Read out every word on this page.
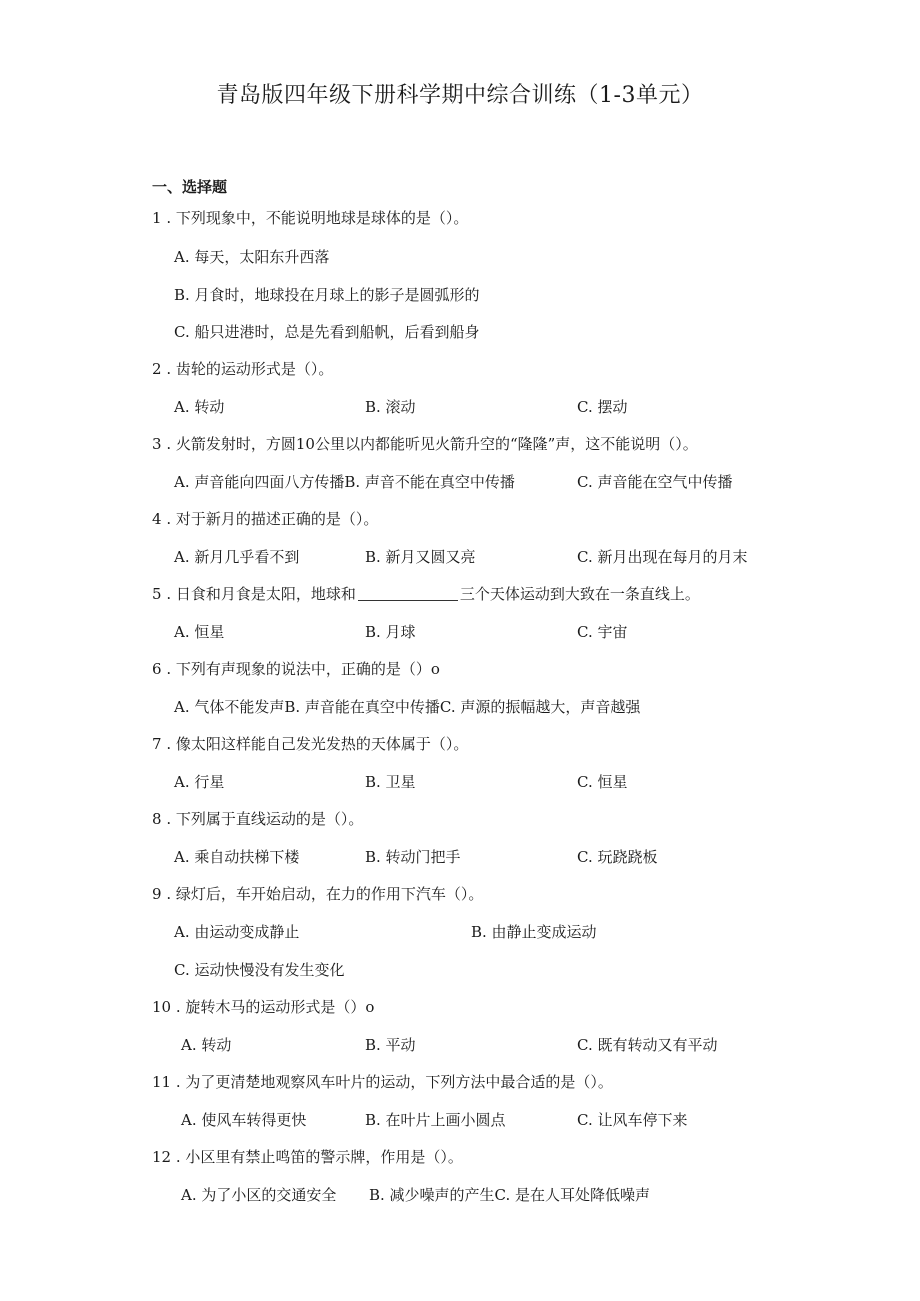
青岛版四年级下册科学期中综合训练（1-3单元）
一、选择题
1 . 下列现象中，不能说明地球是球体的是（）。
A. 每天，太阳东升西落
B. 月食时，地球投在月球上的影子是圆弧形的
C. 船只进港时，总是先看到船帆，后看到船身
2 . 齿轮的运动形式是（）。
A. 转动	B. 滚动	C. 摆动
3 . 火箭发射时，方圆10公里以内都能听见火箭升空的“隆隆”声，这不能说明（）。
A. 声音能向四面八方传播B. 声音不能在真空中传播	C. 声音能在空气中传播
4 . 对于新月的描述正确的是（）。
A. 新月几乎看不到	B. 新月又圆又亮	C. 新月出现在每月的月末
5 . 日食和月食是太阳，地球和	三个天体运动到大致在一条直线上。
A. 恒星	B. 月球	C. 宇宙
6 . 下列有声现象的说法中，正确的是（）o
A. 气体不能发声B. 声音能在真空中传播C. 声源的振幅越大，声音越强
7 . 像太阳这样能自己发光发热的天体属于（）。
A. 行星	B. 卫星	C. 恒星
8 . 下列属于直线运动的是（）。
A. 乘自动扶梯下楼	B. 转动门把手	C. 玩跷跷板
9 . 绿灯后，车开始启动，在力的作用下汽车（）。
A. 由运动变成静止	B. 由静止变成运动
C. 运动快慢没有发生变化
10 . 旋转木马的运动形式是（）o
A. 转动	B. 平动	C. 既有转动又有平动
11 . 为了更清楚地观察风车叶片的运动，下列方法中最合适的是（）。
A. 使风车转得更快	B. 在叶片上画小圆点	C. 让风车停下来
12 . 小区里有禁止鸣笛的警示牌，作用是（）。
A. 为了小区的交通安全 B. 减少噪声的产生C. 是在人耳处降低噪声
